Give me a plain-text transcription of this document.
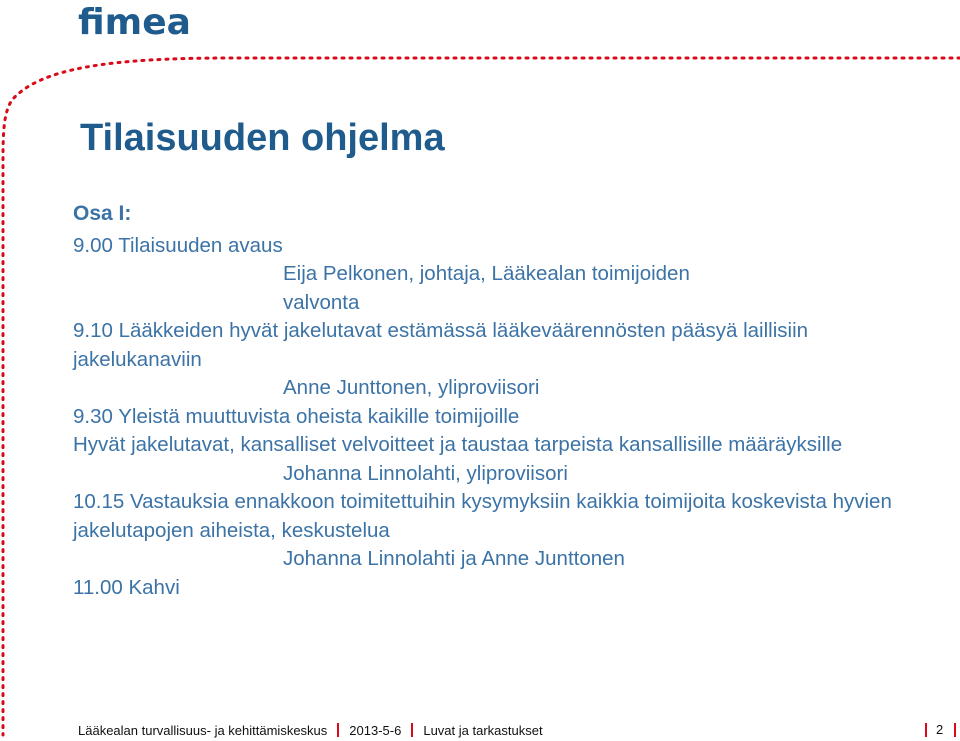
fimea
Tilaisuuden ohjelma
Osa I:
9.00 Tilaisuuden avaus
Eija Pelkonen, johtaja, Lääkealan toimijoiden
valvonta
9.10 Lääkkeiden hyvät jakelutavat estämässä lääkeväärennösten pääsyä laillisiin jakelukanaviin
Anne Junttonen, yliproviisori
9.30 Yleistä muuttuvista oheista kaikille toimijoille
Hyvät jakelutavat, kansalliset velvoitteet ja taustaa tarpeista kansallisille määräyksille
Johanna Linnolahti, yliproviisori
10.15 Vastauksia ennakkoon toimitettuihin kysymyksiin kaikkia toimijoita koskevista hyvien jakelutapojen aiheista, keskustelua
Johanna Linnolahti ja Anne Junttonen
11.00 Kahvi
Lääkealan turvallisuus- ja kehittämiskeskus 2013-5-6 Luvat ja tarkastukset	2
